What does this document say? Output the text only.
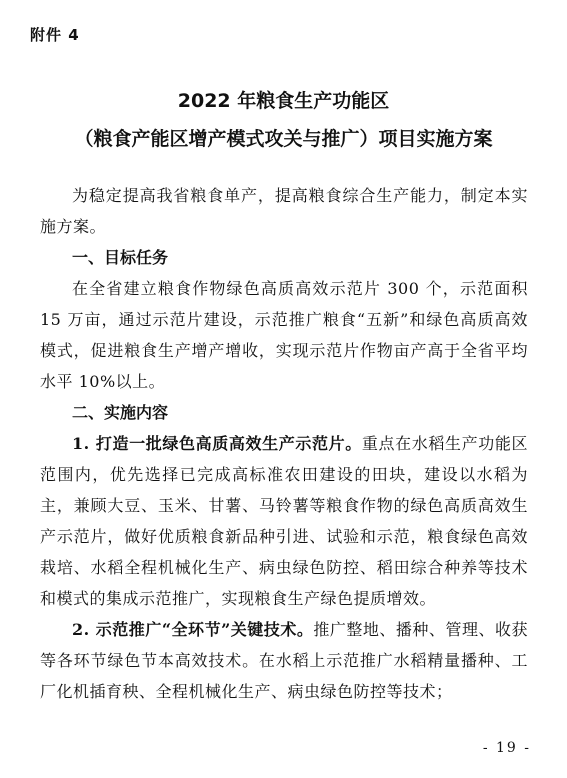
附件 4
2022 年粮食生产功能区
（粮食产能区增产模式攻关与推广）项目实施方案

为稳定提高我省粮食单产，提高粮食综合生产能力，制定本实施方案。

一、目标任务

在全省建立粮食作物绿色高质高效示范片 300 个，示范面积 15 万亩，通过示范片建设，示范推广粮食“五新”和绿色高质高效模式，促进粮食生产增产增收，实现示范片作物亩产高于全省平均水平 10%以上。

二、实施内容

1. 打造一批绿色高质高效生产示范片。重点在水稻生产功能区范围内，优先选择已完成高标准农田建设的田块，建设以水稻为主，兼顾大豆、玉米、甘薯、马铃薯等粮食作物的绿色高质高效生产示范片，做好优质粮食新品种引进、试验和示范，粮食绿色高效栽培、水稻全程机械化生产、病虫绿色防控、稻田综合种养等技术和模式的集成示范推广，实现粮食生产绿色提质增效。

2. 示范推广“全环节”关键技术。推广整地、播种、管理、收获等各环节绿色节本高效技术。在水稻上示范推广水稻精量播种、工厂化机插育秧、全程机械化生产、病虫绿色防控等技术；

- 19 -
